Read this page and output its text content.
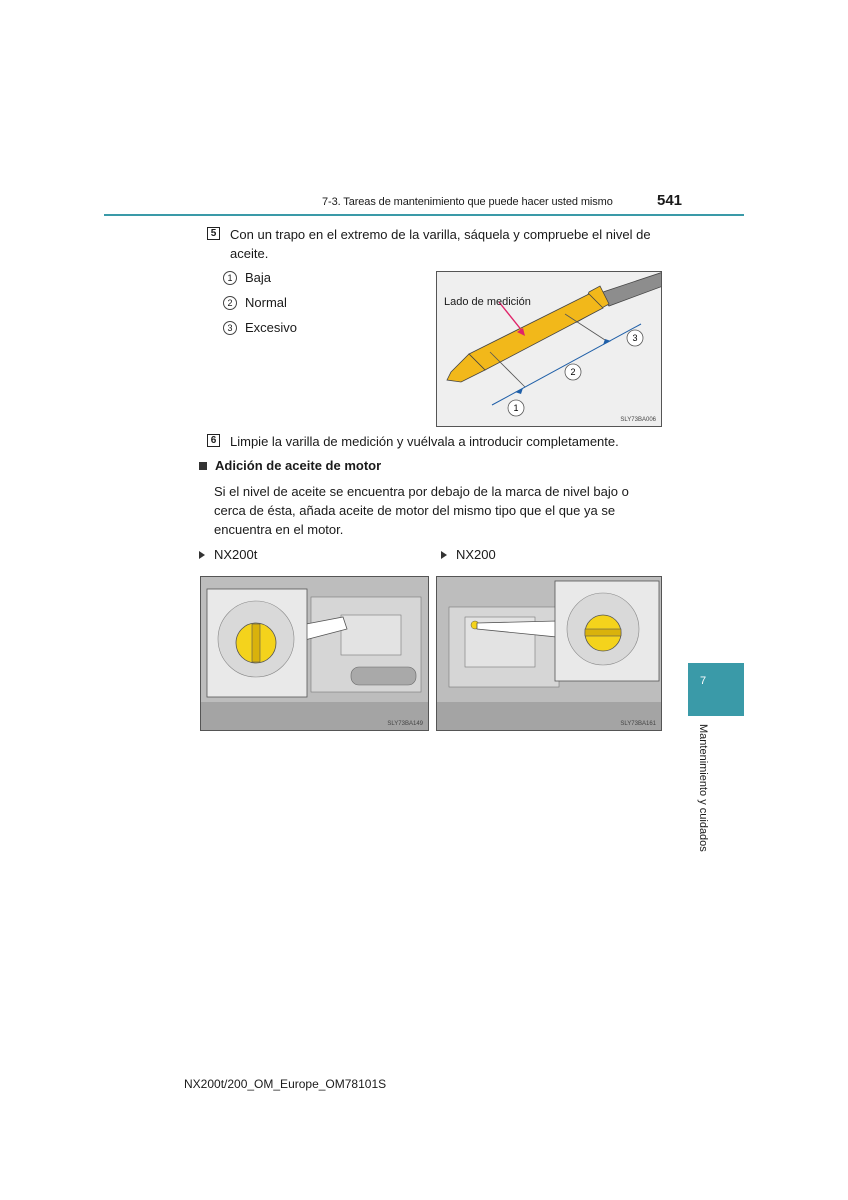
7-3. Tareas de mantenimiento que puede hacer usted mismo	541
5 Con un trapo en el extremo de la varilla, sáquela y compruebe el nivel de aceite.
1 Baja
2 Normal
3 Excesivo
Lado de medición
1
2
3
SLY73BA006
6 Limpie la varilla de medición y vuélvala a introducir completamente.
Adición de aceite de motor
Si el nivel de aceite se encuentra por debajo de la marca de nivel bajo o cerca de ésta, añada aceite de motor del mismo tipo que el que ya se encuentra en el motor.
NX200t	NX200
SLY73BA149	SLY73BA161
7
Mantenimiento y cuidados
NX200t/200_OM_Europe_OM78101S
